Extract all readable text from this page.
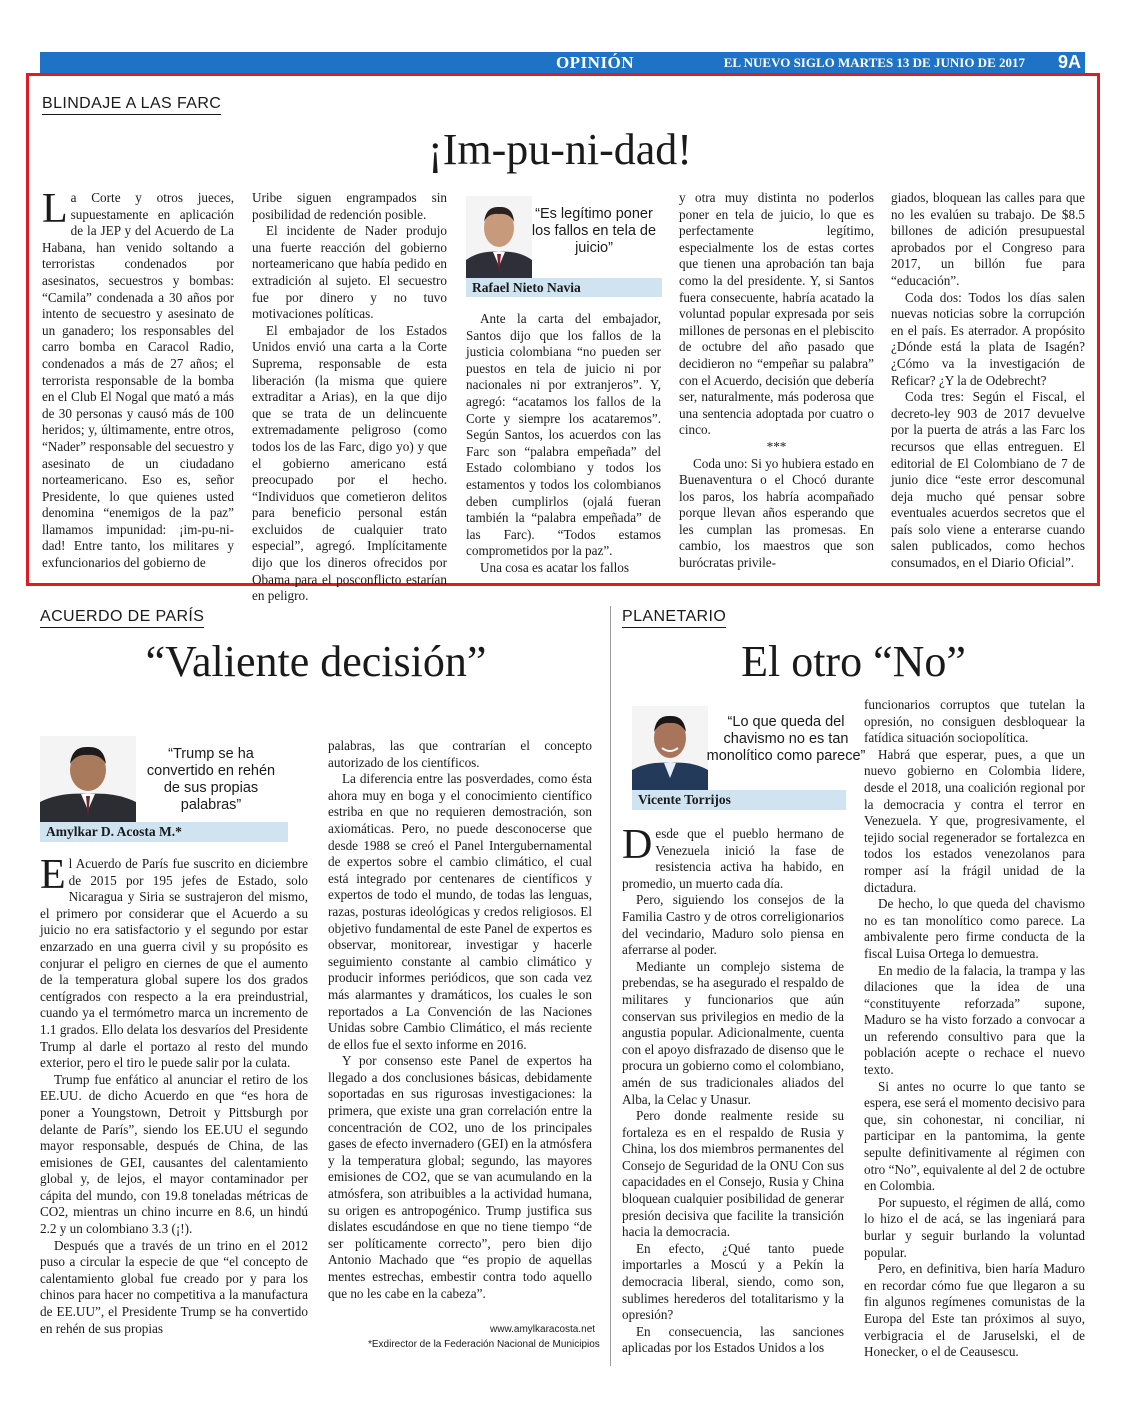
OPINIÓN	EL NUEVO SIGLO MARTES 13 DE JUNIO DE 2017 9A
BLINDAJE A LAS FARC
¡Im-pu-ni-dad!

La Corte y otros jueces, supuestamente en aplicación de la JEP y del Acuerdo de La Habana, han venido soltando a terroristas condenados por asesinatos, secuestros y bombas: “Camila” condenada a 30 años por intento de secuestro y asesinato de un ganadero; los responsables del carro bomba en Caracol Radio, condenados a más de 27 años; el terrorista responsable de la bomba en el Club El Nogal que mató a más de 30 personas y causó más de 100 heridos; y, últimamente, entre otros, “Nader” responsable del secuestro y asesinato de un ciudadano norteamericano. Eso es, señor Presidente, lo que quienes usted denomina “enemigos de la paz” llamamos impunidad: ¡im-pu-ni-dad! Entre tanto, los militares y exfuncionarios del gobierno de

Uribe siguen engrampados sin posibilidad de redención posible.

El incidente de Nader produjo una fuerte reacción del gobierno norteamericano que había pedido en extradición al sujeto. El secuestro fue por dinero y no tuvo motivaciones políticas.

El embajador de los Estados Unidos envió una carta a la Corte Suprema, responsable de esta liberación (la misma que quiere extraditar a Arias), en la que dijo que se trata de un delincuente extremadamente peligroso (como todos los de las Farc, digo yo) y que el gobierno americano está preocupado por el hecho. “Individuos que cometieron delitos para beneficio personal están excluidos de cualquier trato especial”, agregó. Implícitamente dijo que los dineros ofrecidos por Obama para el posconflicto estarían en peligro.

“Es legítimo poner los fallos en tela de juicio”
Rafael Nieto Navia

Ante la carta del embajador, Santos dijo que los fallos de la justicia colombiana “no pueden ser puestos en tela de juicio ni por nacionales ni por extranjeros”. Y, agregó: “acatamos los fallos de la Corte y siempre los acataremos”. Según Santos, los acuerdos con las Farc son “palabra empeñada” del Estado colombiano y todos los estamentos y todos los colombianos deben cumplirlos (ojalá fueran también la “palabra empeñada” de las Farc). “Todos estamos comprometidos por la paz”.

Una cosa es acatar los fallos

y otra muy distinta no poderlos poner en tela de juicio, lo que es perfectamente legítimo, especialmente los de estas cortes que tienen una aprobación tan baja como la del presidente. Y, si Santos fuera consecuente, habría acatado la voluntad popular expresada por seis millones de personas en el plebiscito de octubre del año pasado que decidieron no “empeñar su palabra” con el Acuerdo, decisión que debería ser, naturalmente, más poderosa que una sentencia adoptada por cuatro o cinco.

***

Coda uno: Si yo hubiera estado en Buenaventura o el Chocó durante los paros, los habría acompañado porque llevan años esperando que les cumplan las promesas. En cambio, los maestros que son burócratas privile-

giados, bloquean las calles para que no les evalúen su trabajo. De $8.5 billones de adición presupuestal aprobados por el Congreso para 2017, un billón fue para “educación”.

Coda dos: Todos los días salen nuevas noticias sobre la corrupción en el país. Es aterrador. A propósito ¿Dónde está la plata de Isagén? ¿Cómo va la investigación de Reficar? ¿Y la de Odebrecht?

Coda tres: Según el Fiscal, el decreto-ley 903 de 2017 devuelve por la puerta de atrás a las Farc los recursos que ellas entreguen. El editorial de El Colombiano de 7 de junio dice “este error descomunal deja mucho qué pensar sobre eventuales acuerdos secretos que el país solo viene a enterarse cuando salen publicados, como hechos consumados, en el Diario Oficial”.

ACUERDO DE PARÍS
“Valiente decisión”
“Trump se ha convertido en rehén de sus propias palabras”
Amylkar D. Acosta M.*

El Acuerdo de París fue suscrito en diciembre de 2015 por 195 jefes de Estado, solo Nicaragua y Siria se sustrajeron del mismo, el primero por considerar que el Acuerdo a su juicio no era satisfactorio y el segundo por estar enzarzado en una guerra civil y su propósito es conjurar el peligro en ciernes de que el aumento de la temperatura global supere los dos grados centígrados con respecto a la era preindustrial, cuando ya el termómetro marca un incremento de 1.1 grados. Ello delata los desvaríos del Presidente Trump al darle el portazo al resto del mundo exterior, pero el tiro le puede salir por la culata.

Trump fue enfático al anunciar el retiro de los EE.UU. de dicho Acuerdo en que “es hora de poner a Youngstown, Detroit y Pittsburgh por delante de París”, siendo los EE.UU el segundo mayor responsable, después de China, de las emisiones de GEI, causantes del calentamiento global y, de lejos, el mayor contaminador per cápita del mundo, con 19.8 toneladas métricas de CO2, mientras un chino incurre en 8.6, un hindú 2.2 y un colombiano 3.3 (¡!).

Después que a través de un trino en el 2012 puso a circular la especie de que “el concepto de calentamiento global fue creado por y para los chinos para hacer no competitiva a la manufactura de EE.UU”, el Presidente Trump se ha convertido en rehén de sus propias

palabras, las que contrarían el concepto autorizado de los científicos.

La diferencia entre las posverdades, como ésta ahora muy en boga y el conocimiento científico estriba en que no requieren demostración, son axiomáticas. Pero, no puede desconocerse que desde 1988 se creó el Panel Intergubernamental de expertos sobre el cambio climático, el cual está integrado por centenares de científicos y expertos de todo el mundo, de todas las lenguas, razas, posturas ideológicas y credos religiosos. El objetivo fundamental de este Panel de expertos es observar, monitorear, investigar y hacerle seguimiento constante al cambio climático y producir informes periódicos, que son cada vez más alarmantes y dramáticos, los cuales le son reportados a La Convención de las Naciones Unidas sobre Cambio Climático, el más reciente de ellos fue el sexto informe en 2016.

Y por consenso este Panel de expertos ha llegado a dos conclusiones básicas, debidamente soportadas en sus rigurosas investigaciones: la primera, que existe una gran correlación entre la concentración de CO2, uno de los principales gases de efecto invernadero (GEI) en la atmósfera y la temperatura global; segundo, las mayores emisiones de CO2, que se van acumulando en la atmósfera, son atribuibles a la actividad humana, su origen es antropogénico. Trump justifica sus dislates escudándose en que no tiene tiempo “de ser políticamente correcto”, pero bien dijo Antonio Machado que “es propio de aquellas mentes estrechas, embestir contra todo aquello que no les cabe en la cabeza”.

www.amylkaracosta.net
*Exdirector de la Federación Nacional de Municipios
PLANETARIO
El otro “No”
“Lo que queda del chavismo no es tan monolítico como parece”
Vicente Torrijos

Desde que el pueblo hermano de Venezuela inició la fase de resistencia activa ha habido, en promedio, un muerto cada día.

Pero, siguiendo los consejos de la Familia Castro y de otros correligionarios del vecindario, Maduro solo piensa en aferrarse al poder.

Mediante un complejo sistema de prebendas, se ha asegurado el respaldo de militares y funcionarios que aún conservan sus privilegios en medio de la angustia popular. Adicionalmente, cuenta con el apoyo disfrazado de disenso que le procura un gobierno como el colombiano, amén de sus tradicionales aliados del Alba, la Celac y Unasur.

Pero donde realmente reside su fortaleza es en el respaldo de Rusia y China, los dos miembros permanentes del Consejo de Seguridad de la ONU Con sus capacidades en el Consejo, Rusia y China bloquean cualquier posibilidad de generar presión decisiva que facilite la transición hacia la democracia.

En efecto, ¿Qué tanto puede importarles a Moscú y a Pekín la democracia liberal, siendo, como son, sublimes herederos del totalitarismo y la opresión?

En consecuencia, las sanciones aplicadas por los Estados Unidos a los

funcionarios corruptos que tutelan la opresión, no consiguen desbloquear la fatídica situación sociopolítica.

Habrá que esperar, pues, a que un nuevo gobierno en Colombia lidere, desde el 2018, una coalición regional por la democracia y contra el terror en Venezuela. Y que, progresivamente, el tejido social regenerador se fortalezca en todos los estados venezolanos para romper así la frágil unidad de la dictadura.

De hecho, lo que queda del chavismo no es tan monolítico como parece. La ambivalente pero firme conducta de la fiscal Luisa Ortega lo demuestra.

En medio de la falacia, la trampa y las dilaciones que la idea de una “constituyente reforzada” supone, Maduro se ha visto forzado a convocar a un referendo consultivo para que la población acepte o rechace el nuevo texto.

Si antes no ocurre lo que tanto se espera, ese será el momento decisivo para que, sin cohonestar, ni conciliar, ni participar en la pantomima, la gente sepulte definitivamente al régimen con otro “No”, equivalente al del 2 de octubre en Colombia.

Por supuesto, el régimen de allá, como lo hizo el de acá, se las ingeniará para burlar y seguir burlando la voluntad popular.

Pero, en definitiva, bien haría Maduro en recordar cómo fue que llegaron a su fin algunos regímenes comunistas de la Europa del Este tan próximos al suyo, verbigracia el de Jaruselski, el de Honecker, o el de Ceausescu.
